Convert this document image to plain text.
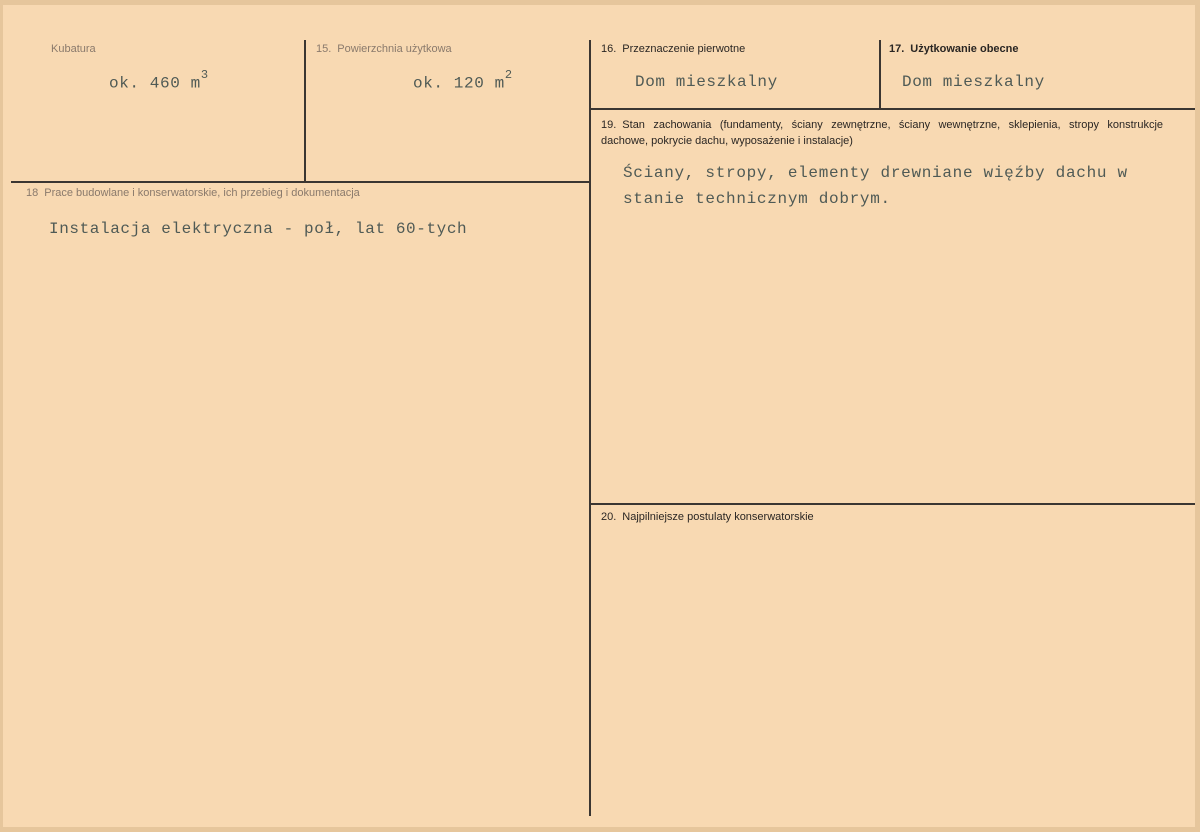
Kubatura
ok. 460 $m^3$
15. Powierzchnia użytkowa
ok. 120 $m^2$
16. Przeznaczenie pierwotne
Dom mieszkalny
17. Użytkowanie obecne
Dom mieszkalny
18 Prace budowlane i konserwatorskie, ich przebieg i dokumentacja
Instalacja elektryczna - poł, lat 60-tych
19. Stan zachowania (fundamenty, ściany zewnętrzne, ściany wewnętrzne, sklepienia, stropy konstrukcje dachowe, pokrycie dachu, wyposażenie i instalacje)
Ściany, stropy, elementy drewniane więźby dachu w stanie technicznym dobrym.
20. Najpilniejsze postulaty konserwatorskie
